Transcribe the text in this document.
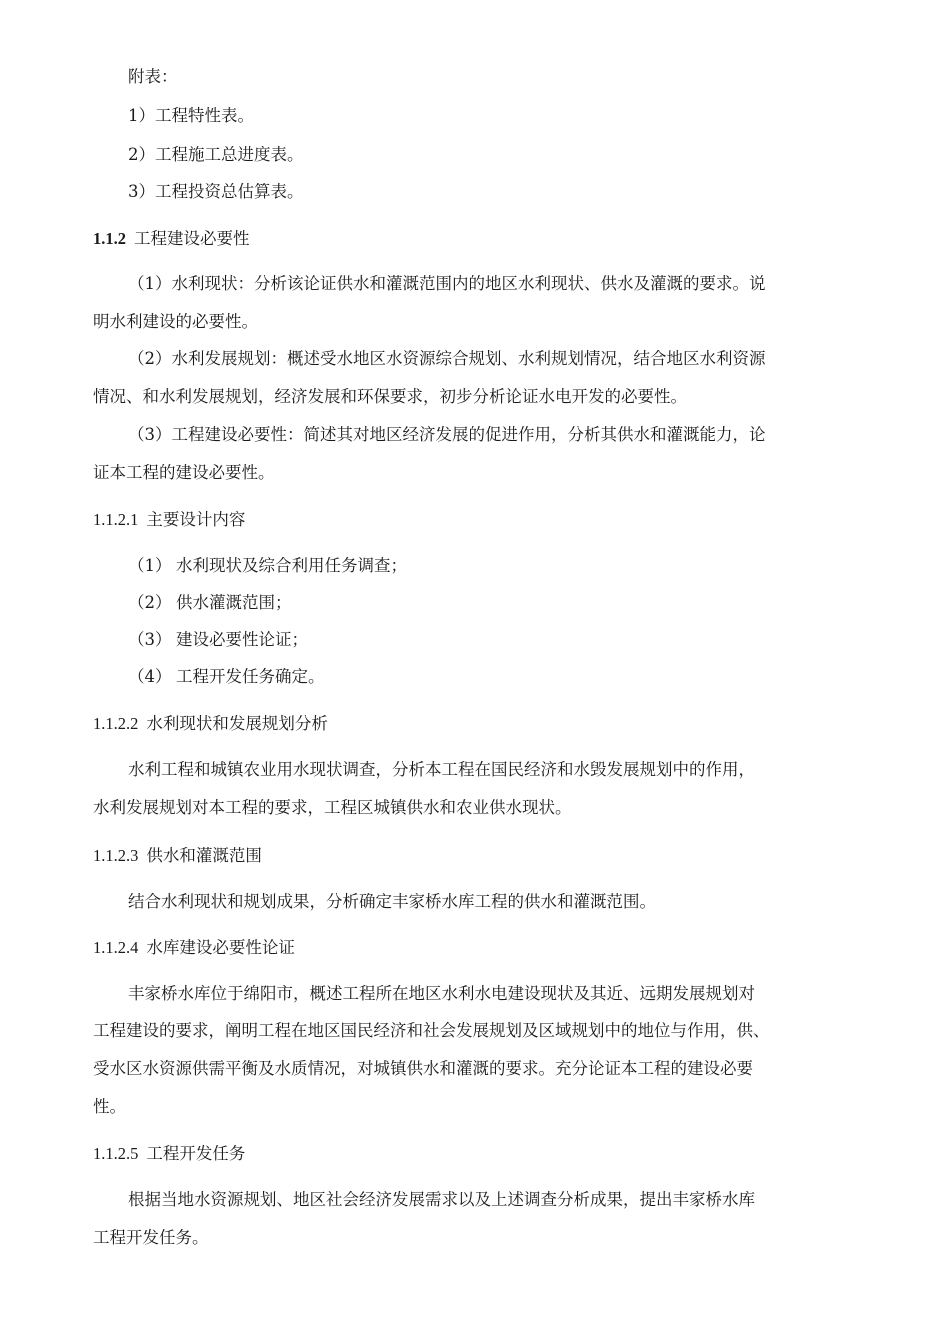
附表：
1）工程特性表。
2）工程施工总进度表。
3）工程投资总估算表。
1.1.2 工程建设必要性
（1）水利现状：分析该论证供水和灌溉范围内的地区水利现状、供水及灌溉的要求。说
明水利建设的必要性。
（2）水利发展规划：概述受水地区水资源综合规划、水利规划情况，结合地区水利资源
情况、和水利发展规划，经济发展和环保要求，初步分析论证水电开发的必要性。
（3）工程建设必要性：简述其对地区经济发展的促进作用，分析其供水和灌溉能力，论
证本工程的建设必要性。
1.1.2.1 主要设计内容
（1） 水利现状及综合利用任务调查；
（2） 供水灌溉范围；
（3） 建设必要性论证；
（4） 工程开发任务确定。
1.1.2.2 水利现状和发展规划分析
水利工程和城镇农业用水现状调查，分析本工程在国民经济和水毁发展规划中的作用，
水利发展规划对本工程的要求，工程区城镇供水和农业供水现状。
1.1.2.3 供水和灌溉范围
结合水利现状和规划成果，分析确定丰家桥水库工程的供水和灌溉范围。
1.1.2.4 水库建设必要性论证
丰家桥水库位于绵阳市，概述工程所在地区水利水电建设现状及其近、远期发展规划对
工程建设的要求，阐明工程在地区国民经济和社会发展规划及区域规划中的地位与作用，供、
受水区水资源供需平衡及水质情况，对城镇供水和灌溉的要求。充分论证本工程的建设必要
性。
1.1.2.5 工程开发任务
根据当地水资源规划、地区社会经济发展需求以及上述调查分析成果，提出丰家桥水库
工程开发任务。
